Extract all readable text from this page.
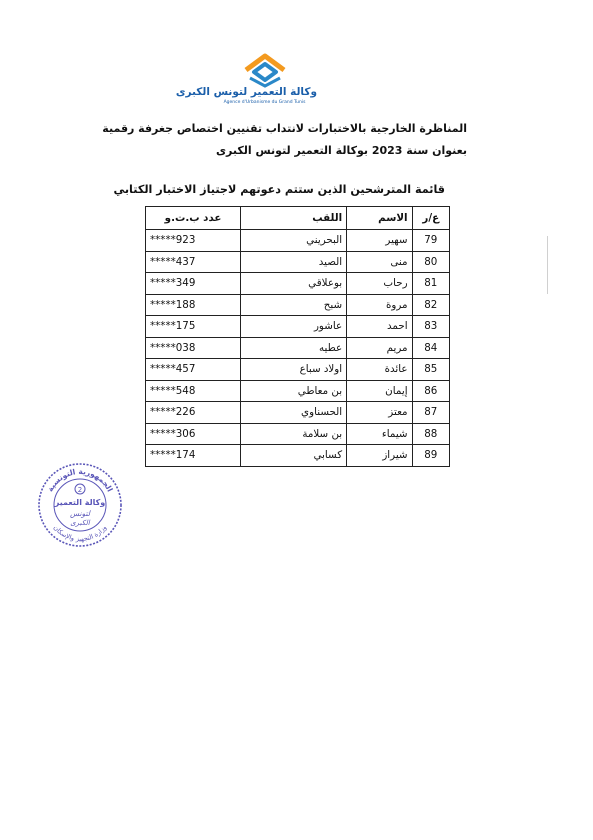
وكالة التعمير لتونس الكبرى
Agence d'Urbanisme du Grand Tunis
المناظرة الخارجية بالاختبارات لانتداب تقنيين اختصاص جغرفة رقمية
بعنوان سنة 2023 بوكالة التعمير لتونس الكبرى
قائمة المترشحين الذين ستتم دعوتهم لاجتياز الاختبار الكتابي
ع/ر	الاسم	اللقب	عدد ب.ت.و
79	سهير	البحريني	*****923
80	منى	الصيد	*****437
81	رحاب	بوعلاقي	*****349
82	مروة	شبح	*****188
83	احمد	عاشور	*****175
84	مريم	عطيه	*****038
85	عائدة	اولاد سباع	*****457
86	إيمان	بن معاطي	*****548
87	معتز	الحسناوي	*****226
88	شيماء	بن سلامة	*****306
89	شيراز	كسابي	*****174
2
الجمهورية التونسية
وزارة التجهيز والإسكان
وكالة التعمير
لتونس
الكبرى
